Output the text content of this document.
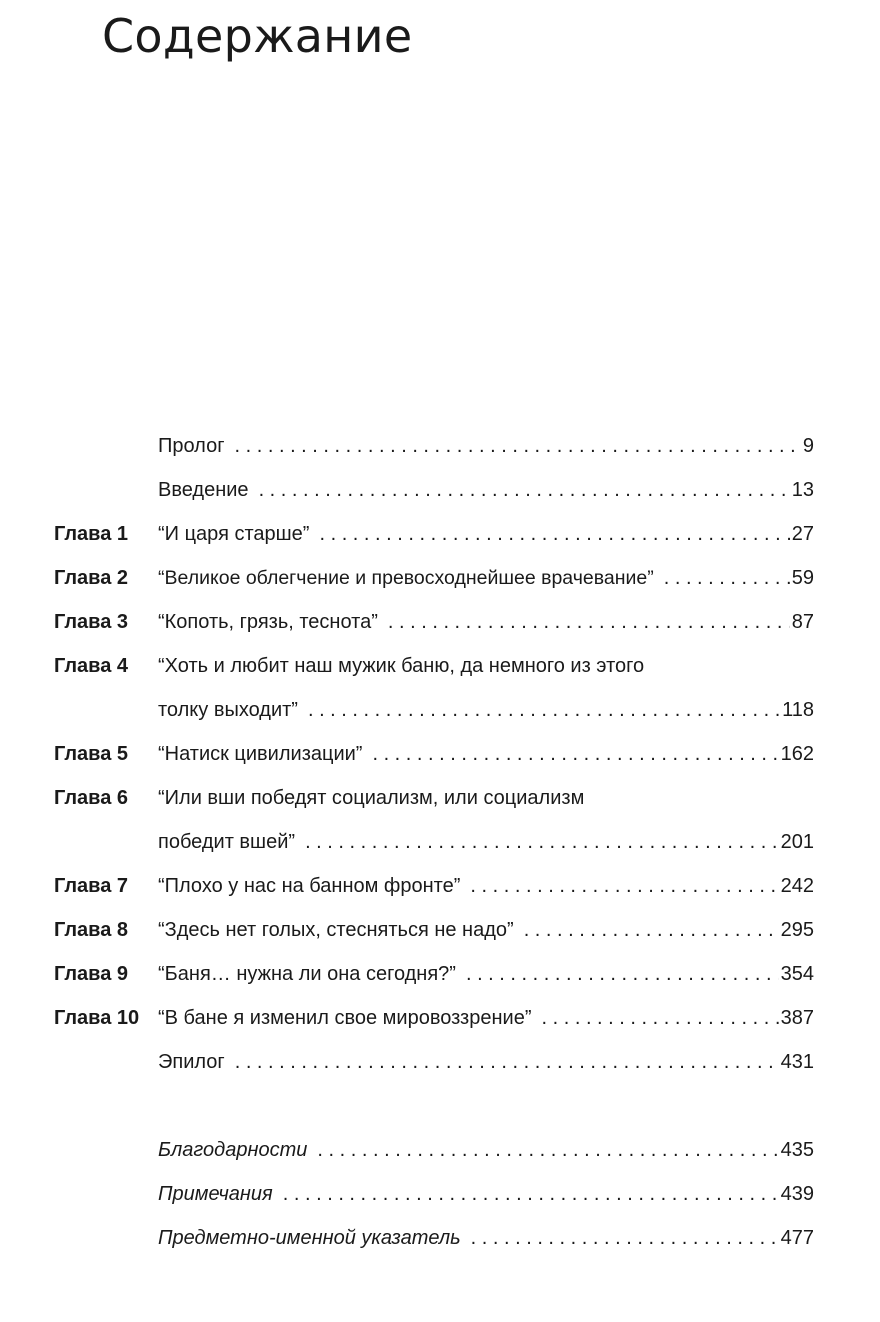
Содержание
Пролог . . .	9
Введение . . .	13
Глава 1 “И царя старше” . . .	27
Глава 2 “Великое облегчение и превосходнейшее врачевание” . . .	59
Глава 3 “Копоть, грязь, теснота” . . .	87
Глава 4 “Хоть и любит наш мужик баню, да немного из этого
толку выходит” . . .	118
Глава 5 “Натиск цивилизации” . . .	162
Глава 6 “Или вши победят социализм, или социализм
победит вшей” . . .	201
Глава 7 “Плохо у нас на банном фронте” . . .	242
Глава 8 “Здесь нет голых, стесняться не надо” . . .	295
Глава 9 “Баня… нужна ли она сегодня?” . . .	354
Глава 10 “В бане я изменил свое мировоззрение” . . .	387
Эпилог . . .	431
Благодарности . . .	435
Примечания . . .	439
Предметно-именной указатель . . .	477
